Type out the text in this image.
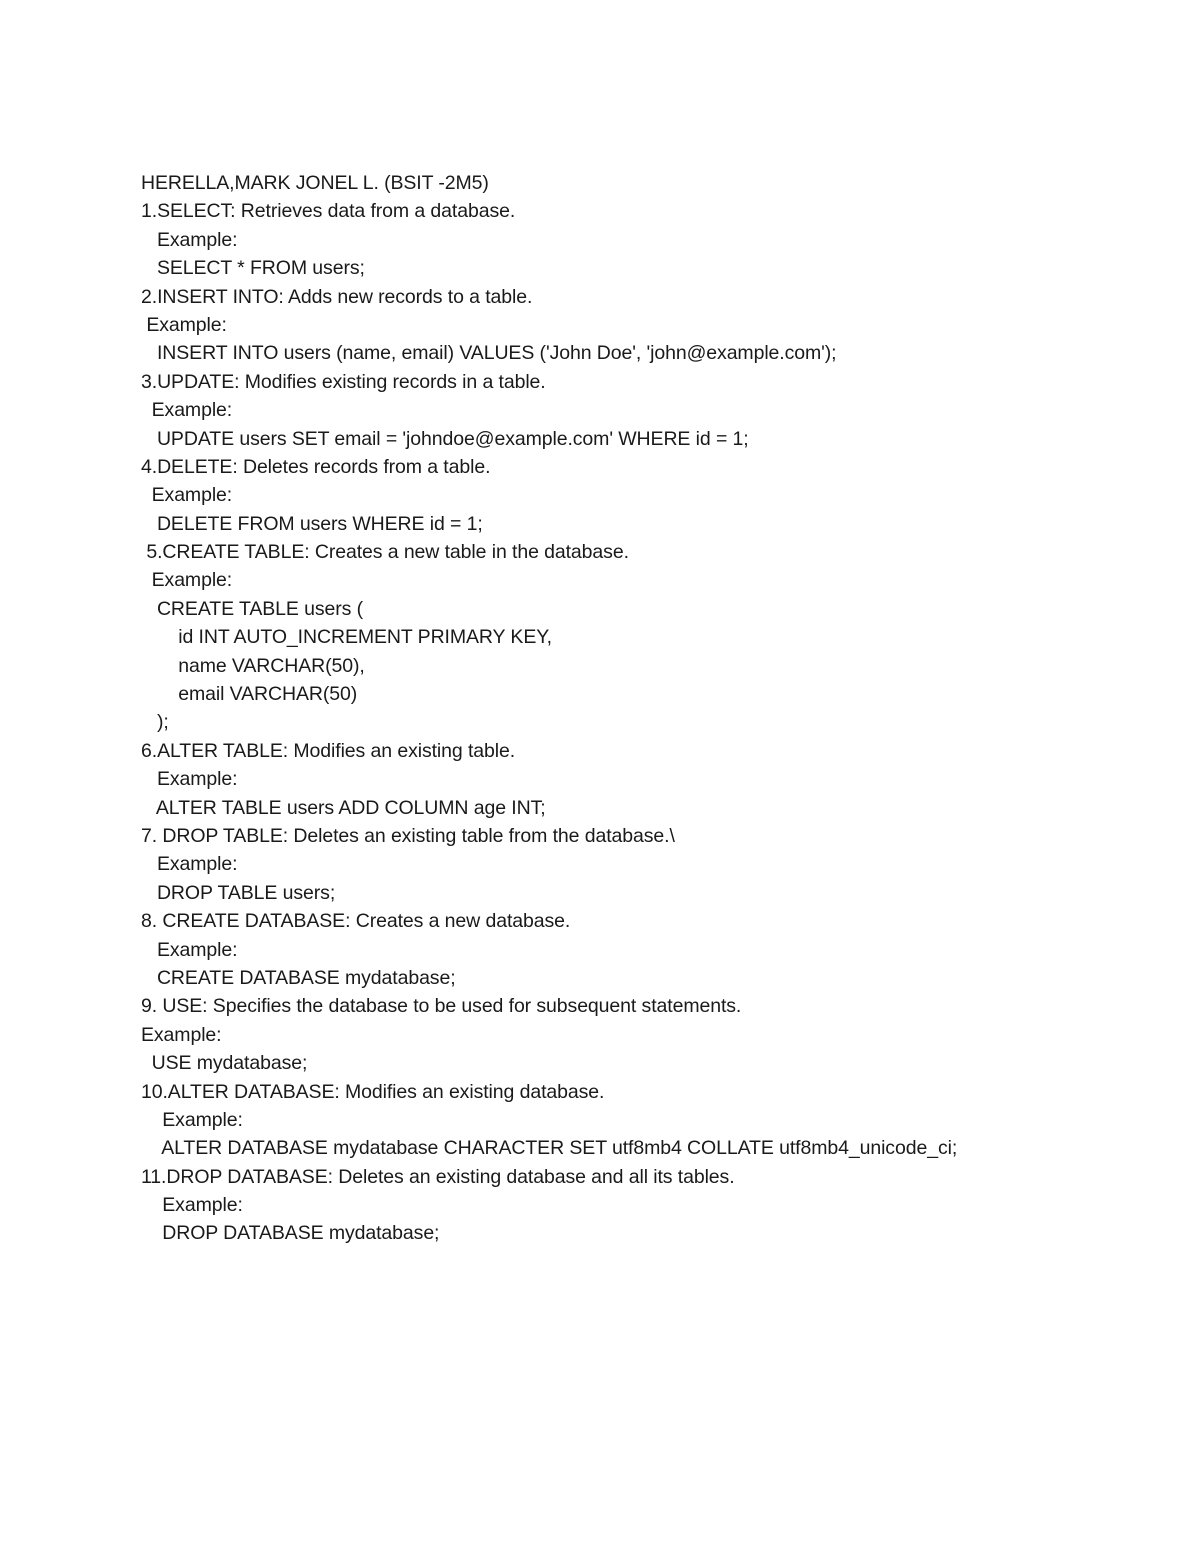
HERELLA,MARK JONEL L. (BSIT -2M5)
1.SELECT: Retrieves data from a database.
Example:
SELECT * FROM users;
2.INSERT INTO: Adds new records to a table.
Example:
INSERT INTO users (name, email) VALUES ('John Doe', 'john@example.com');
3.UPDATE: Modifies existing records in a table.
Example:
UPDATE users SET email = 'johndoe@example.com' WHERE id = 1;
4.DELETE: Deletes records from a table.
Example:
DELETE FROM users WHERE id = 1;
5.CREATE TABLE: Creates a new table in the database.
Example:
CREATE TABLE users (
id INT AUTO_INCREMENT PRIMARY KEY,
name VARCHAR(50),
email VARCHAR(50)
);
6.ALTER TABLE: Modifies an existing table.
Example:
ALTER TABLE users ADD COLUMN age INT;
7. DROP TABLE: Deletes an existing table from the database.\
Example:
DROP TABLE users;
8. CREATE DATABASE: Creates a new database.
Example:
CREATE DATABASE mydatabase;
9. USE: Specifies the database to be used for subsequent statements.
Example:
USE mydatabase;
10.ALTER DATABASE: Modifies an existing database.
Example:
ALTER DATABASE mydatabase CHARACTER SET utf8mb4 COLLATE utf8mb4_unicode_ci;
11.DROP DATABASE: Deletes an existing database and all its tables.
Example:
DROP DATABASE mydatabase;
